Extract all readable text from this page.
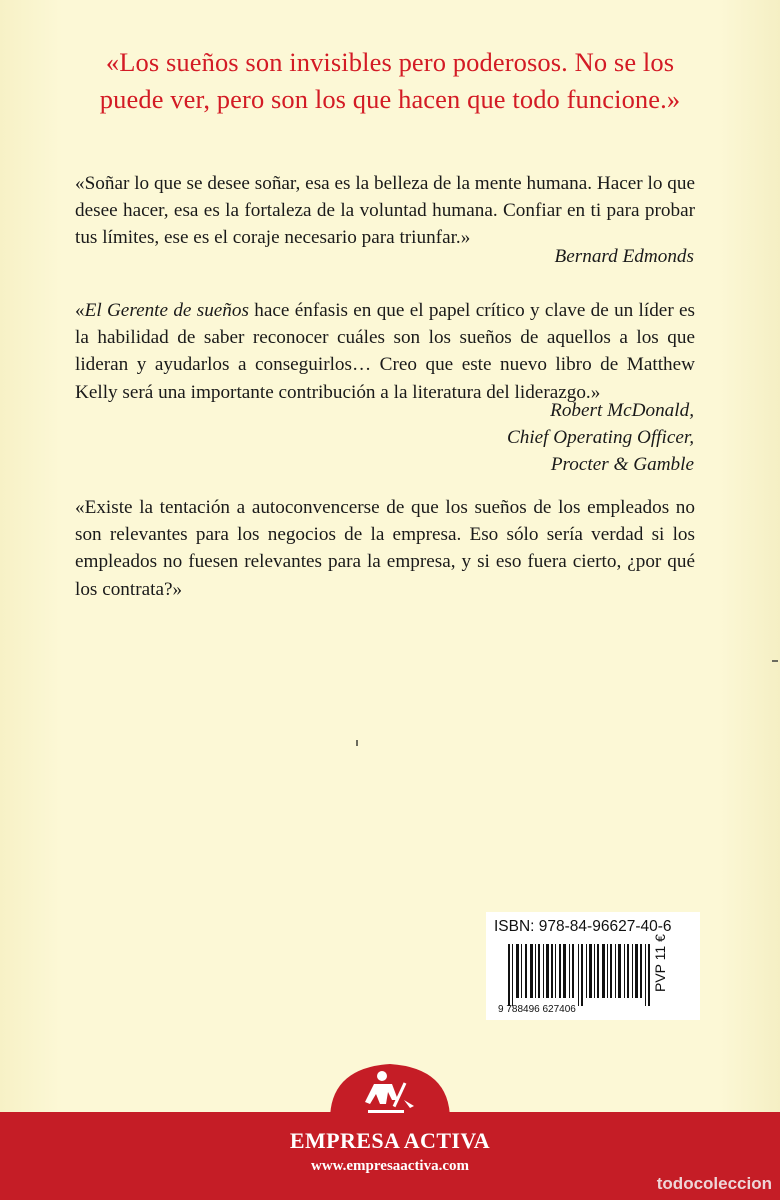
«Los sueños son invisibles pero poderosos. No se los
puede ver, pero son los que hacen que todo funcione.»
«Soñar lo que se desee soñar, esa es la belleza de la mente humana. Hacer lo que desee hacer, esa es la fortaleza de la voluntad humana. Confiar en ti para probar tus límites, ese es el coraje necesario para triunfar.»
Bernard Edmonds
«El Gerente de sueños hace énfasis en que el papel crítico y clave de un líder es la habilidad de saber reconocer cuáles son los sueños de aquellos a los que lideran y ayudarlos a conseguirlos… Creo que este nuevo libro de Matthew Kelly será una importante contribución a la literatura del liderazgo.»
Robert McDonald,
Chief Operating Officer,
Procter & Gamble
«Existe la tentación a autoconvencerse de que los sueños de los empleados no son relevantes para los negocios de la empresa. Eso sólo sería verdad si los empleados no fuesen relevantes para la empresa, y si eso fuera cierto, ¿por qué los contrata?»
ISBN: 978-84-96627-40-6
9 788496 627406
PVP 11 €
EMPRESA ACTIVA
www.empresaactiva.com
todocoleccion
